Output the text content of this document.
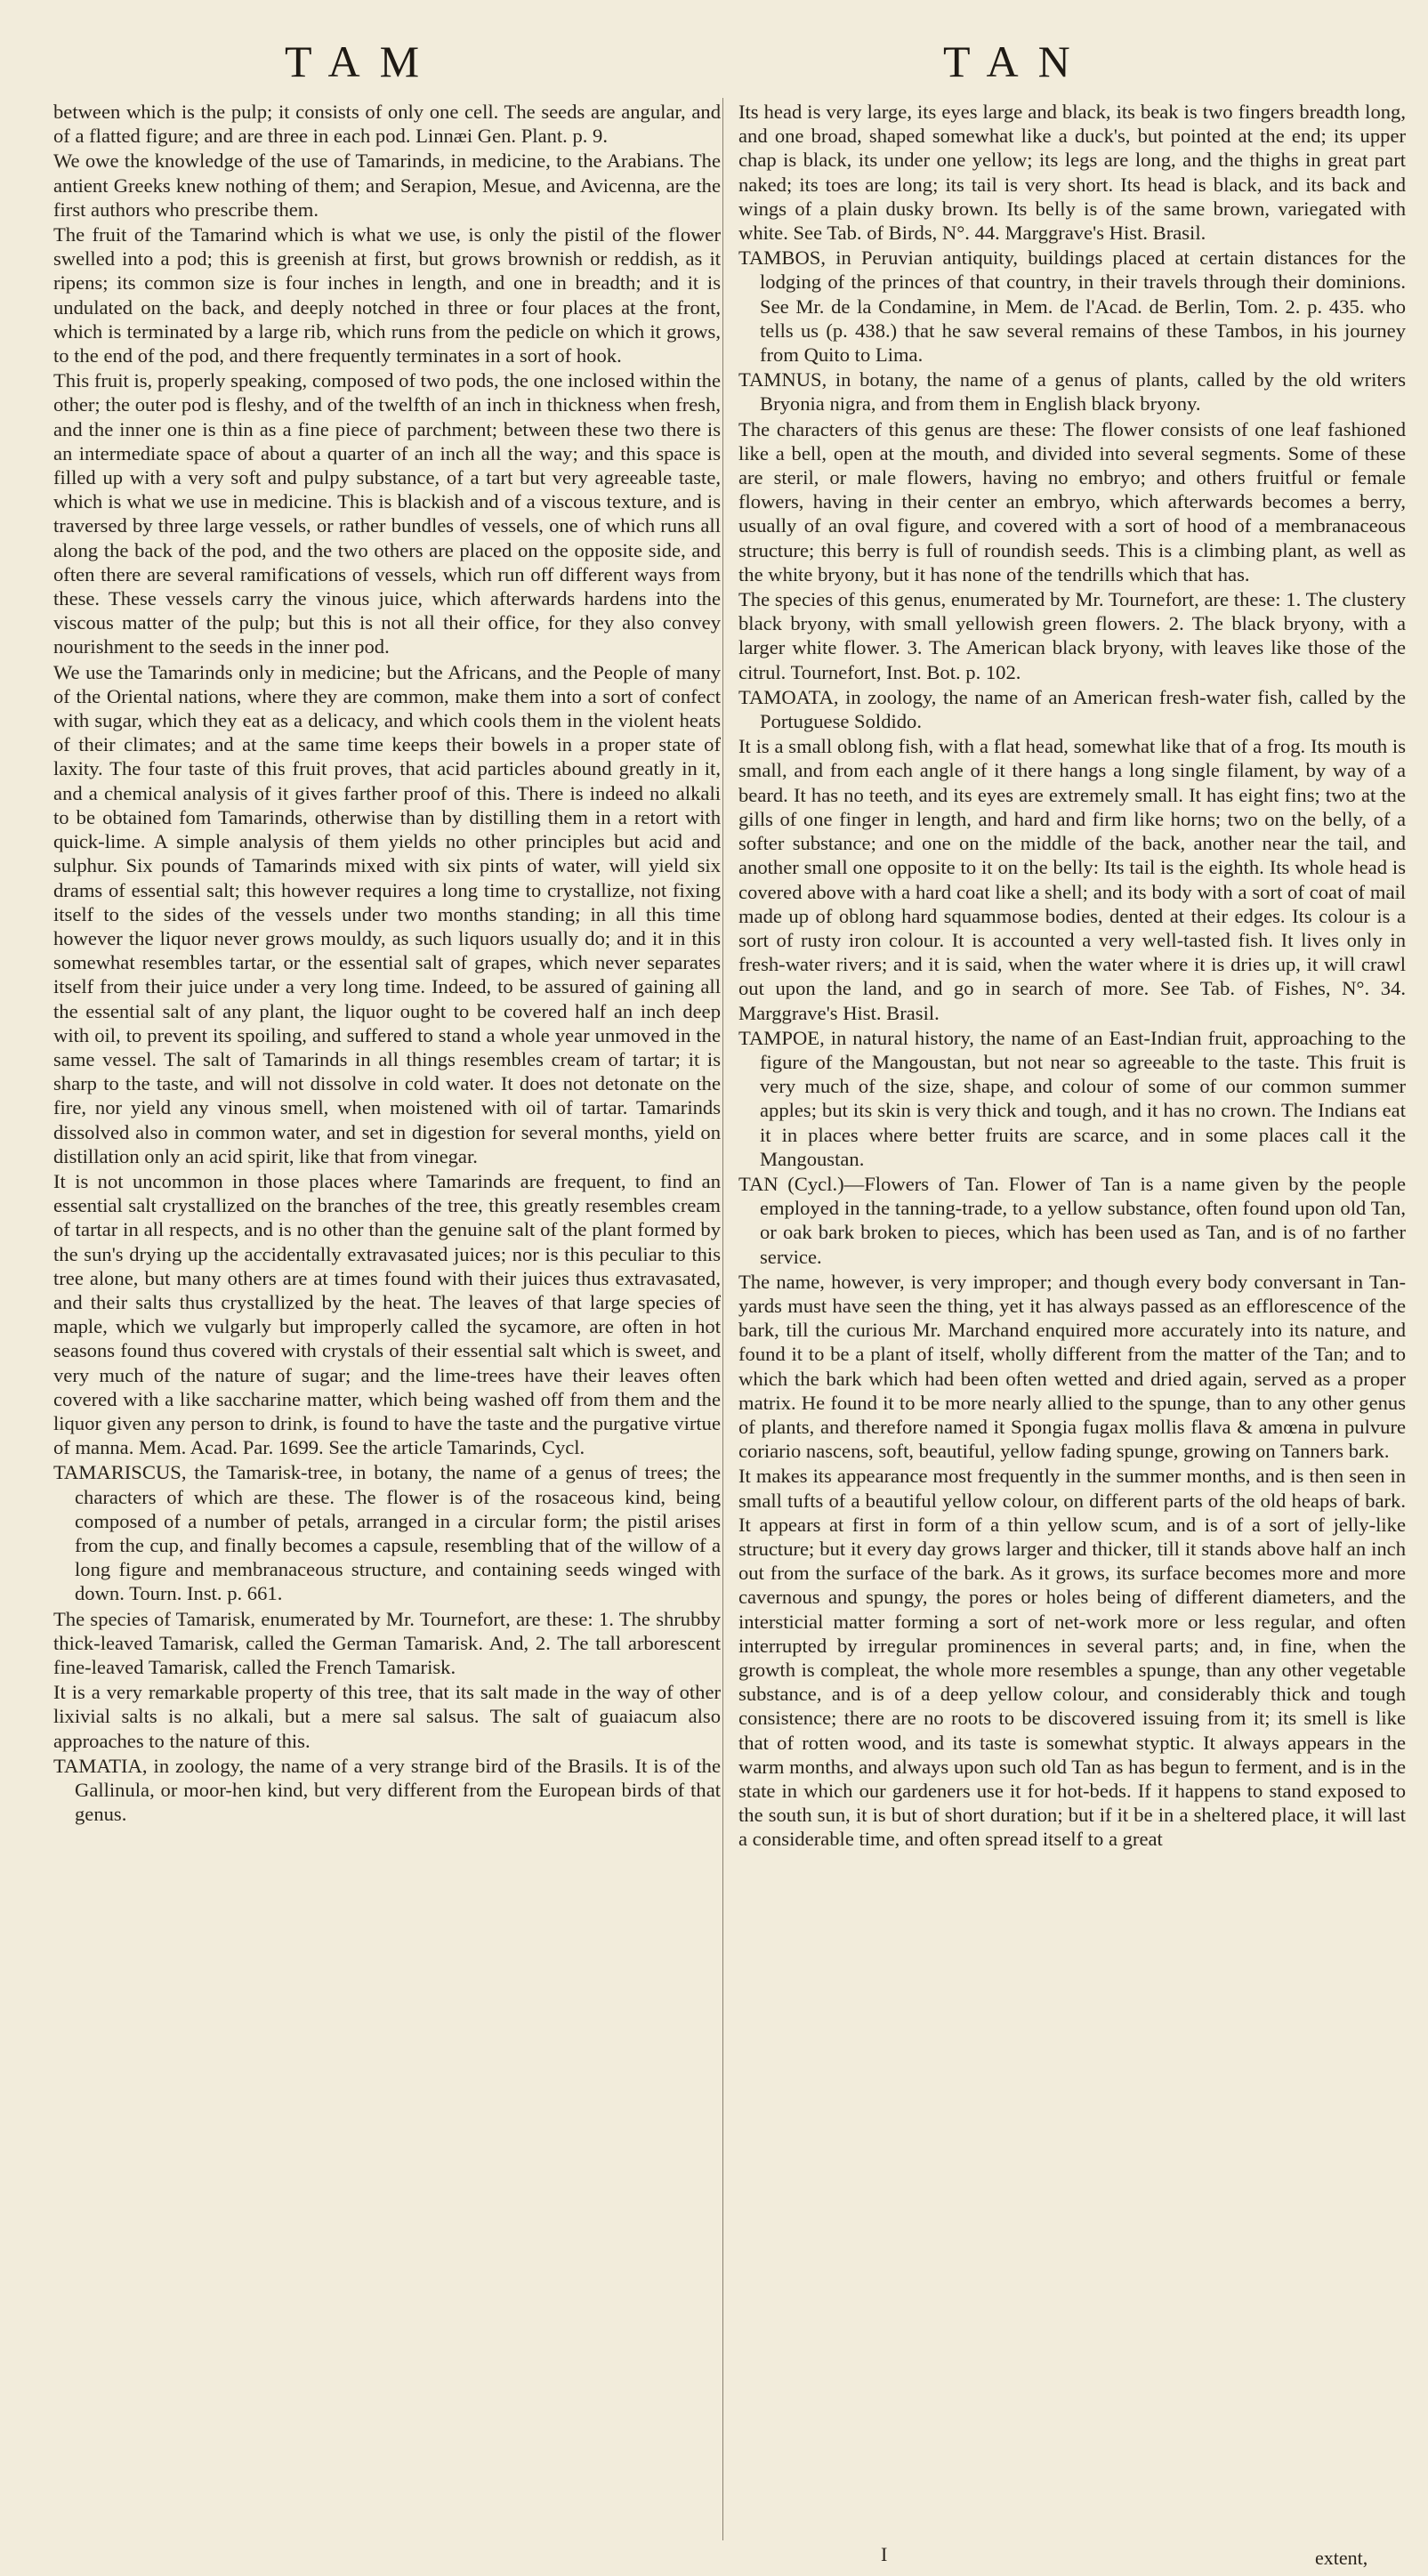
TAM	TAN

between which is the pulp; it consists of only one cell. The seeds are angular, and of a flatted figure; and are three in each pod. Linnæi Gen. Plant. p. 9.

We owe the knowledge of the use of Tamarinds, in medicine, to the Arabians. The antient Greeks knew nothing of them; and Serapion, Mesue, and Avicenna, are the first authors who prescribe them.

The fruit of the Tamarind which is what we use, is only the pistil of the flower swelled into a pod; this is greenish at first, but grows brownish or reddish, as it ripens; its common size is four inches in length, and one in breadth; and it is undulated on the back, and deeply notched in three or four places at the front, which is terminated by a large rib, which runs from the pedicle on which it grows, to the end of the pod, and there frequently terminates in a sort of hook.

This fruit is, properly speaking, composed of two pods, the one inclosed within the other; the outer pod is fleshy, and of the twelfth of an inch in thickness when fresh, and the inner one is thin as a fine piece of parchment; between these two there is an intermediate space of about a quarter of an inch all the way; and this space is filled up with a very soft and pulpy substance, of a tart but very agreeable taste, which is what we use in medicine. This is blackish and of a viscous texture, and is traversed by three large vessels, or rather bundles of vessels, one of which runs all along the back of the pod, and the two others are placed on the opposite side, and often there are several ramifications of vessels, which run off different ways from these. These vessels carry the vinous juice, which afterwards hardens into the viscous matter of the pulp; but this is not all their office, for they also convey nourishment to the seeds in the inner pod.

We use the Tamarinds only in medicine; but the Africans, and the People of many of the Oriental nations, where they are common, make them into a sort of confect with sugar, which they eat as a delicacy, and which cools them in the violent heats of their climates; and at the same time keeps their bowels in a proper state of laxity. The four taste of this fruit proves, that acid particles abound greatly in it, and a chemical analysis of it gives farther proof of this. There is indeed no alkali to be obtained fom Tamarinds, otherwise than by distilling them in a retort with quick-lime. A simple analysis of them yields no other principles but acid and sulphur. Six pounds of Tamarinds mixed with six pints of water, will yield six drams of essential salt; this however requires a long time to crystallize, not fixing itself to the sides of the vessels under two months standing; in all this time however the liquor never grows mouldy, as such liquors usually do; and it in this somewhat resembles tartar, or the essential salt of grapes, which never separates itself from their juice under a very long time. Indeed, to be assured of gaining all the essential salt of any plant, the liquor ought to be covered half an inch deep with oil, to prevent its spoiling, and suffered to stand a whole year unmoved in the same vessel. The salt of Tamarinds in all things resembles cream of tartar; it is sharp to the taste, and will not dissolve in cold water. It does not detonate on the fire, nor yield any vinous smell, when moistened with oil of tartar. Tamarinds dissolved also in common water, and set in digestion for several months, yield on distillation only an acid spirit, like that from vinegar.

It is not uncommon in those places where Tamarinds are frequent, to find an essential salt crystallized on the branches of the tree, this greatly resembles cream of tartar in all respects, and is no other than the genuine salt of the plant formed by the sun's drying up the accidentally extravasated juices; nor is this peculiar to this tree alone, but many others are at times found with their juices thus extravasated, and their salts thus crystallized by the heat. The leaves of that large species of maple, which we vulgarly but improperly called the sycamore, are often in hot seasons found thus covered with crystals of their essential salt which is sweet, and very much of the nature of sugar; and the lime-trees have their leaves often covered with a like saccharine matter, which being washed off from them and the liquor given any person to drink, is found to have the taste and the purgative virtue of manna. Mem. Acad. Par. 1699. See the article Tamarinds, Cycl.

TAMARISCUS, the Tamarisk-tree, in botany, the name of a genus of trees; the characters of which are these. The flower is of the rosaceous kind, being composed of a number of petals, arranged in a circular form; the pistil arises from the cup, and finally becomes a capsule, resembling that of the willow of a long figure and membranaceous structure, and containing seeds winged with down. Tourn. Inst. p. 661.

The species of Tamarisk, enumerated by Mr. Tournefort, are these: 1. The shrubby thick-leaved Tamarisk, called the German Tamarisk. And, 2. The tall arborescent fine-leaved Tamarisk, called the French Tamarisk.

It is a very remarkable property of this tree, that its salt made in the way of other lixivial salts is no alkali, but a mere sal salsus. The salt of guaiacum also approaches to the nature of this.

TAMATIA, in zoology, the name of a very strange bird of the Brasils. It is of the Gallinula, or moor-hen kind, but very different from the European birds of that genus.

Its head is very large, its eyes large and black, its beak is two fingers breadth long, and one broad, shaped somewhat like a duck's, but pointed at the end; its upper chap is black, its under one yellow; its legs are long, and the thighs in great part naked; its toes are long; its tail is very short. Its head is black, and its back and wings of a plain dusky brown. Its belly is of the same brown, variegated with white. See Tab. of Birds, N°. 44. Marggrave's Hist. Brasil.

TAMBOS, in Peruvian antiquity, buildings placed at certain distances for the lodging of the princes of that country, in their travels through their dominions. See Mr. de la Condamine, in Mem. de l'Acad. de Berlin, Tom. 2. p. 435. who tells us (p. 438.) that he saw several remains of these Tambos, in his journey from Quito to Lima.

TAMNUS, in botany, the name of a genus of plants, called by the old writers Bryonia nigra, and from them in English black bryony.

The characters of this genus are these: The flower consists of one leaf fashioned like a bell, open at the mouth, and divided into several segments. Some of these are steril, or male flowers, having no embryo; and others fruitful or female flowers, having in their center an embryo, which afterwards becomes a berry, usually of an oval figure, and covered with a sort of hood of a membranaceous structure; this berry is full of roundish seeds. This is a climbing plant, as well as the white bryony, but it has none of the tendrills which that has.

The species of this genus, enumerated by Mr. Tournefort, are these: 1. The clustery black bryony, with small yellowish green flowers. 2. The black bryony, with a larger white flower. 3. The American black bryony, with leaves like those of the citrul. Tournefort, Inst. Bot. p. 102.

TAMOATA, in zoology, the name of an American fresh-water fish, called by the Portuguese Soldido.

It is a small oblong fish, with a flat head, somewhat like that of a frog. Its mouth is small, and from each angle of it there hangs a long single filament, by way of a beard. It has no teeth, and its eyes are extremely small. It has eight fins; two at the gills of one finger in length, and hard and firm like horns; two on the belly, of a softer substance; and one on the middle of the back, another near the tail, and another small one opposite to it on the belly: Its tail is the eighth. Its whole head is covered above with a hard coat like a shell; and its body with a sort of coat of mail made up of oblong hard squammose bodies, dented at their edges. Its colour is a sort of rusty iron colour. It is accounted a very well-tasted fish. It lives only in fresh-water rivers; and it is said, when the water where it is dries up, it will crawl out upon the land, and go in search of more. See Tab. of Fishes, N°. 34. Marggrave's Hist. Brasil.

TAMPOE, in natural history, the name of an East-Indian fruit, approaching to the figure of the Mangoustan, but not near so agreeable to the taste. This fruit is very much of the size, shape, and colour of some of our common summer apples; but its skin is very thick and tough, and it has no crown. The Indians eat it in places where better fruits are scarce, and in some places call it the Mangoustan.

TAN (Cycl.)—Flowers of Tan. Flower of Tan is a name given by the people employed in the tanning-trade, to a yellow substance, often found upon old Tan, or oak bark broken to pieces, which has been used as Tan, and is of no farther service.

The name, however, is very improper; and though every body conversant in Tan-yards must have seen the thing, yet it has always passed as an efflorescence of the bark, till the curious Mr. Marchand enquired more accurately into its nature, and found it to be a plant of itself, wholly different from the matter of the Tan; and to which the bark which had been often wetted and dried again, served as a proper matrix. He found it to be more nearly allied to the spunge, than to any other genus of plants, and therefore named it Spongia fugax mollis flava & amœna in pulvure coriario nascens, soft, beautiful, yellow fading spunge, growing on Tanners bark.

It makes its appearance most frequently in the summer months, and is then seen in small tufts of a beautiful yellow colour, on different parts of the old heaps of bark. It appears at first in form of a thin yellow scum, and is of a sort of jelly-like structure; but it every day grows larger and thicker, till it stands above half an inch out from the surface of the bark. As it grows, its surface becomes more and more cavernous and spungy, the pores or holes being of different diameters, and the intersticial matter forming a sort of net-work more or less regular, and often interrupted by irregular prominences in several parts; and, in fine, when the growth is compleat, the whole more resembles a spunge, than any other vegetable substance, and is of a deep yellow colour, and considerably thick and tough consistence; there are no roots to be discovered issuing from it; its smell is like that of rotten wood, and its taste is somewhat styptic. It always appears in the warm months, and always upon such old Tan as has begun to ferment, and is in the state in which our gardeners use it for hot-beds. If it happens to stand exposed to the south sun, it is but of short duration; but if it be in a sheltered place, it will last a considerable time, and often spread itself to a great

I	extent,
